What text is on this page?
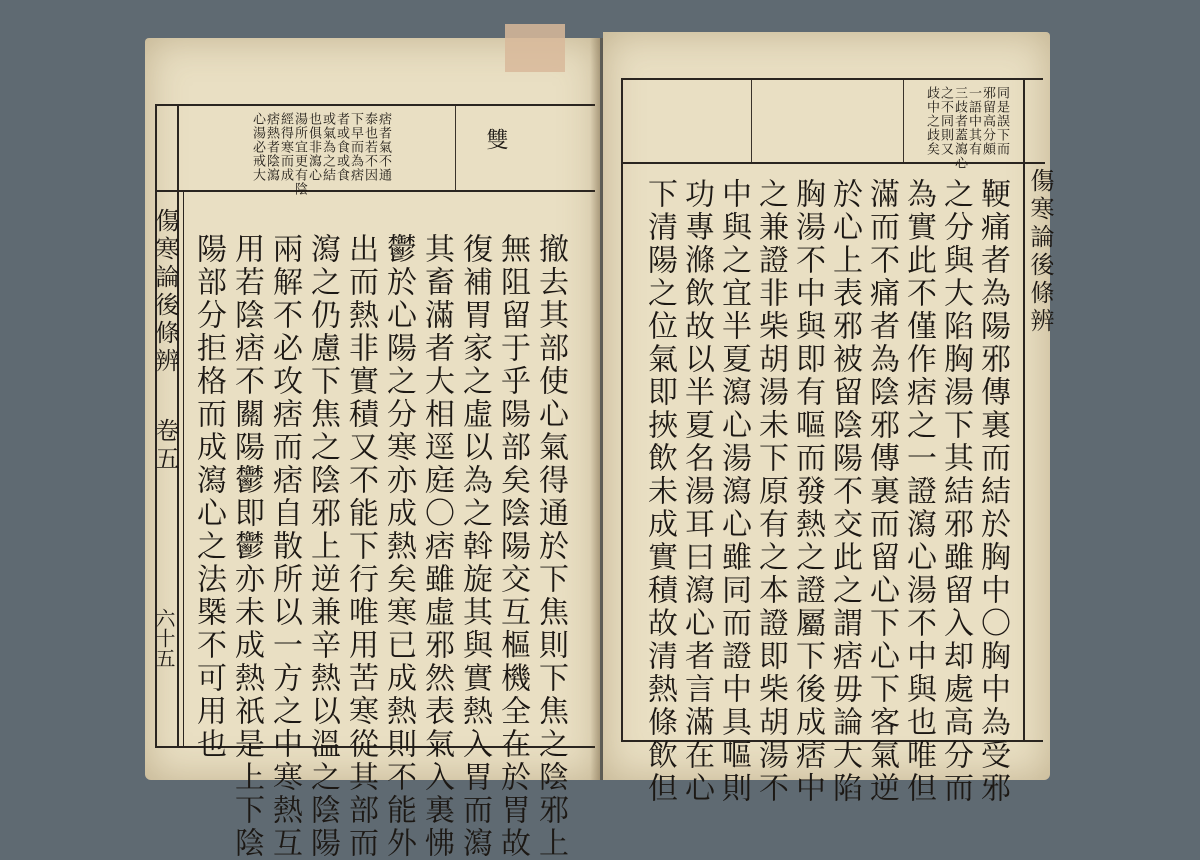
傷寒論後條辨
卷五
六十五
雙
痞者氣不通
泰也若不因
下早而為痞
者或食或食
或氣為之結
也俱非瀉心
湯所宜更有陰
經得寒而成
痞熱者陰瀉
心湯必戒大
撤去其部使心氣得通於下焦則下焦之陰邪上
無阻留于乎陽部矣陰陽交互樞機全在於胃故
復補胃家之虛以為之斡旋其與實熱入胃而瀉
其畜滿者大相逕庭〇痞雖虛邪然表氣入裏怫
鬱於心陽之分寒亦成熱矣寒已成熱則不能外
出而熱非實積又不能下行唯用苦寒從其部而
瀉之仍慮下焦之陰邪上逆兼辛熱以溫之陰陽
兩解不必攻痞而痞自散所以一方之中寒熱互
用若陰痞不關陽鬱即鬱亦未成熱祇是上下陰
陽部分拒格而成瀉心之法槩不可用也	傷寒論後條辨
同是誤下而
邪留高分頗
一語中其有
三歧者蓋瀉心
之不同則又
歧中之歧矣
鞕痛者為陽邪傳裏而結於胸中〇胸中為受邪
之分與大陷胸湯下其結邪雖留入却處高分而
為實此不僅作痞之一證瀉心湯不中與也唯但
滿而不痛者為陰邪傳裏而留心下心下客氣逆
於心上表邪被留陰陽不交此之謂痞毋論大陷
胸湯不中與即有嘔而發熱之證屬下後成痞中
之兼證非柴胡湯未下原有之本證即柴胡湯不
中與之宜半夏瀉心湯瀉心雖同而證中具嘔則
功專滌飲故以半夏名湯耳曰瀉心者言滿在心
下清陽之位氣即挾飲未成實積故清熱條飲但
